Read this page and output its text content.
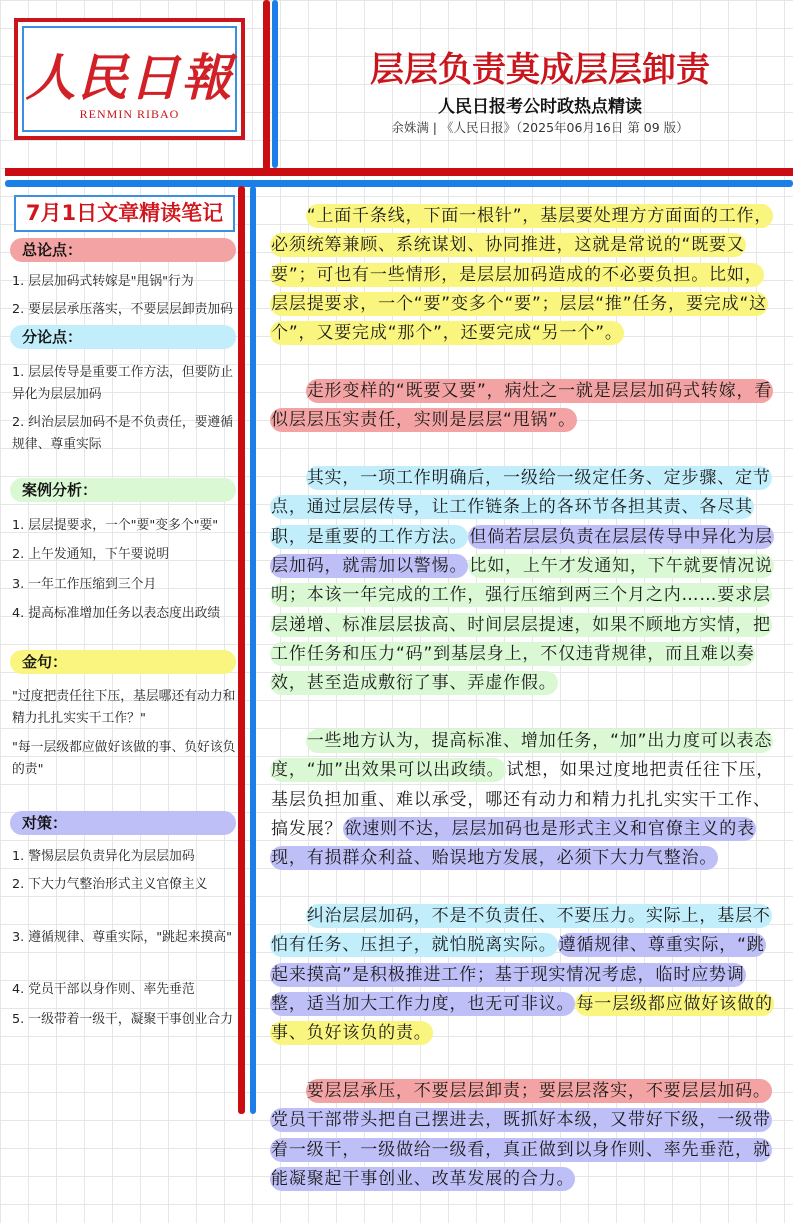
人民日報
RENMIN RIBAO
层层负责莫成层层卸责
人民日报考公时政热点精读
余姝满 | 《人民日报》（2025年06月16日 第 09 版）
7月1日文章精读笔记
总论点：
1. 层层加码式转嫁是"甩锅"行为
2. 要层层承压落实，不要层层卸责加码
分论点：
1. 层层传导是重要工作方法，但要防止异化为层层加码
2. 纠治层层加码不是不负责任，要遵循规律、尊重实际
案例分析：
1. 层层提要求，一个"要"变多个"要"
2. 上午发通知，下午要说明
3. 一年工作压缩到三个月
4. 提高标准增加任务以表态度出政绩
金句：
"过度把责任往下压，基层哪还有动力和精力扎扎实实干工作？"
"每一层级都应做好该做的事、负好该负的责"
对策：
1. 警惕层层负责异化为层层加码
2. 下大力气整治形式主义官僚主义
3. 遵循规律、尊重实际，"跳起来摸高"
4. 党员干部以身作则、率先垂范
5. 一级带着一级干，凝聚干事创业合力

“上面千条线，下面一根针”，基层要处理方方面面的工作，必须统筹兼顾、系统谋划、协同推进，这就是常说的“既要又要”；可也有一些情形，是层层加码造成的不必要负担。比如，层层提要求，一个“要”变多个“要”；层层“推”任务，要完成“这个”，又要完成“那个”，还要完成“另一个”。

走形变样的“既要又要”，病灶之一就是层层加码式转嫁，看似层层压实责任，实则是层层“甩锅”。

其实，一项工作明确后，一级给一级定任务、定步骤、定节点，通过层层传导，让工作链条上的各环节各担其责、各尽其职，是重要的工作方法。 但倘若层层负责在层层传导中异化为层层加码，就需加以警惕。 比如，上午才发通知，下午就要情况说明；本该一年完成的工作，强行压缩到两三个月之内……要求层层递增、标准层层拔高、时间层层提速，如果不顾地方实情，把工作任务和压力“码”到基层身上，不仅违背规律，而且难以奏效，甚至造成敷衍了事、弄虚作假。

一些地方认为，提高标准、增加任务，“加”出力度可以表态度，“加”出效果可以出政绩。 试想，如果过度地把责任往下压，基层负担加重、难以承受，哪还有动力和精力扎扎实实干工作、搞发展？ 欲速则不达，层层加码也是形式主义和官僚主义的表现，有损群众利益、贻误地方发展，必须下大力气整治。

纠治层层加码，不是不负责任、不要压力。实际上，基层不怕有任务、压担子，就怕脱离实际。 遵循规律、尊重实际，“跳起来摸高”是积极推进工作；基于现实情况考虑，临时应势调整，适当加大工作力度，也无可非议。 每一层级都应做好该做的事、负好该负的责。

要层层承压，不要层层卸责；要层层落实，不要层层加码。党员干部带头把自己摆进去，既抓好本级，又带好下级，一级带着一级干，一级做给一级看，真正做到以身作则、率先垂范，就能凝聚起干事创业、改革发展的合力。
